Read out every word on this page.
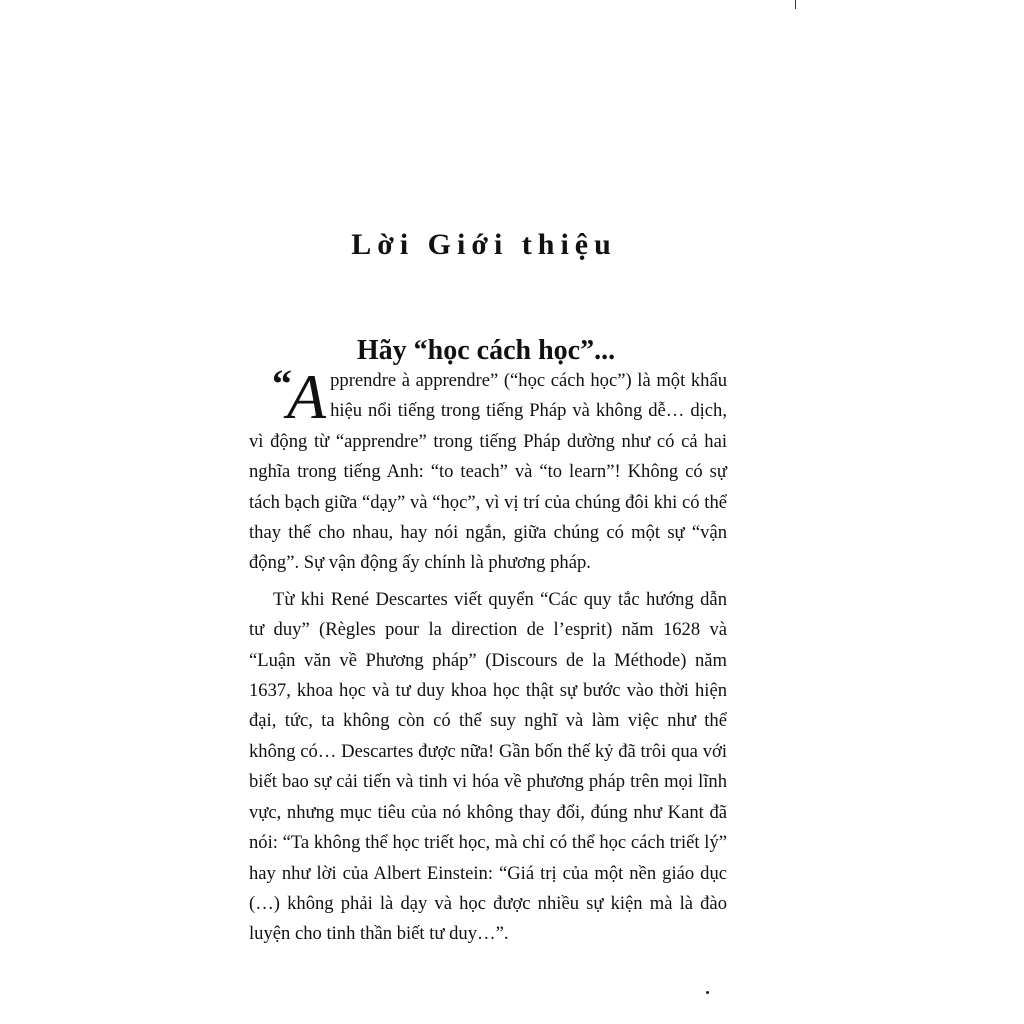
Lời Giới thiệu
Hãy “học cách học”...

“
A pprendre à apprendre” (“học cách học”) là một khẩu hiệu nổi tiếng trong tiếng Pháp và không dễ… dịch, vì động từ “apprendre” trong tiếng Pháp dường như có cả hai nghĩa trong tiếng Anh: “to teach” và “to learn”! Không có sự tách bạch giữa “dạy” và “học”, vì vị trí của chúng đôi khi có thể thay thế cho nhau, hay nói ngắn, giữa chúng có một sự “vận động”. Sự vận động ấy chính là phương pháp.

Từ khi René Descartes viết quyển “Các quy tắc hướng dẫn tư duy” (Règles pour la direction de l’esprit) năm 1628 và “Luận văn về Phương pháp” (Discours de la Méthode) năm 1637, khoa học và tư duy khoa học thật sự bước vào thời hiện đại, tức, ta không còn có thể suy nghĩ và làm việc như thể không có… Descartes được nữa! Gần bốn thế kỷ đã trôi qua với biết bao sự cải tiến và tinh vi hóa về phương pháp trên mọi lĩnh vực, nhưng mục tiêu của nó không thay đổi, đúng như Kant đã nói: “Ta không thể học triết học, mà chỉ có thể học cách triết lý” hay như lời của Albert Einstein: “Giá trị của một nền giáo dục (…) không phải là dạy và học được nhiều sự kiện mà là đào luyện cho tinh thần biết tư duy…”.
